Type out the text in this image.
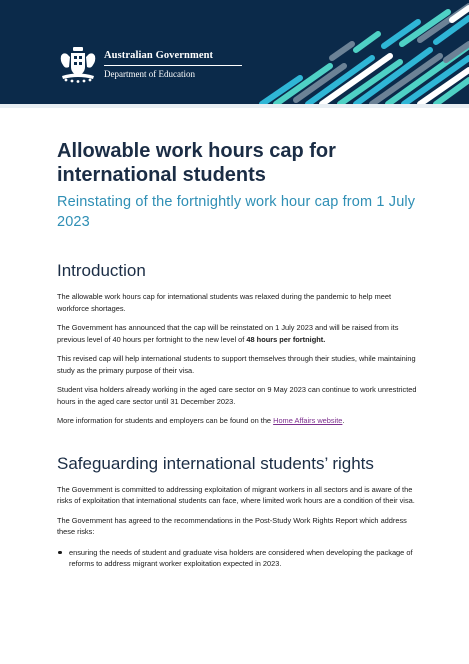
Australian Government
Department of Education
Allowable work hours cap for international students
Reinstating of the fortnightly work hour cap from 1 July 2023
Introduction

The allowable work hours cap for international students was relaxed during the pandemic to help meet workforce shortages.

The Government has announced that the cap will be reinstated on 1 July 2023 and will be raised from its previous level of 40 hours per fortnight to the new level of 48 hours per fortnight.

This revised cap will help international students to support themselves through their studies, while maintaining study as the primary purpose of their visa.

Student visa holders already working in the aged care sector on 9 May 2023 can continue to work unrestricted hours in the aged care sector until 31 December 2023.

More information for students and employers can be found on the Home Affairs website.

Safeguarding international students’ rights

The Government is committed to addressing exploitation of migrant workers in all sectors and is aware of the risks of exploitation that international students can face, where limited work hours are a condition of their visa.

The Government has agreed to the recommendations in the Post-Study Work Rights Report which address these risks:

ensuring the needs of student and graduate visa holders are considered when developing the package of reforms to address migrant worker exploitation expected in 2023.
